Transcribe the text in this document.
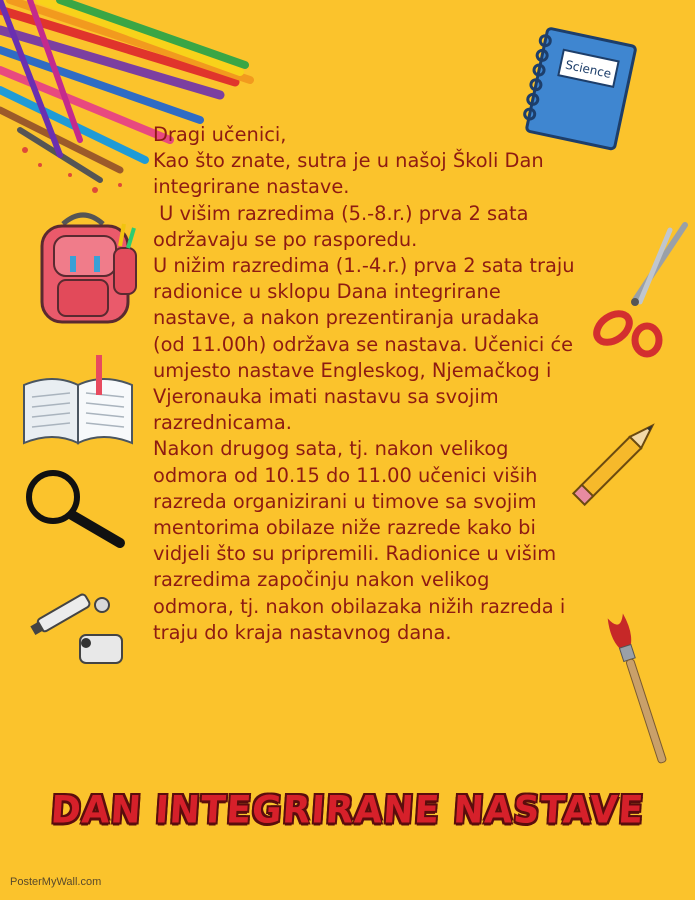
Science
Dragi učenici,
Kao što znate, sutra je u našoj Školi Dan
integrirane nastave.
U višim razredima (5.-8.r.) prva 2 sata
održavaju se po rasporedu.
U nižim razredima (1.-4.r.) prva 2 sata traju
radionice u sklopu Dana integrirane
nastave, a nakon prezentiranja uradaka
(od 11.00h) održava se nastava. Učenici će
umjesto nastave Engleskog, Njemačkog i
Vjeronauka imati nastavu sa svojim
razrednicama.
Nakon drugog sata, tj. nakon velikog
odmora od 10.15 do 11.00 učenici viših
razreda organizirani u timove sa svojim
mentorima obilaze niže razrede kako bi
vidjeli što su pripremili. Radionice u višim
razredima započinju nakon velikog
odmora, tj. nakon obilazaka nižih razreda i
traju do kraja nastavnog dana.
DAN INTEGRIRANE NASTAVE
PosterMyWall.com
